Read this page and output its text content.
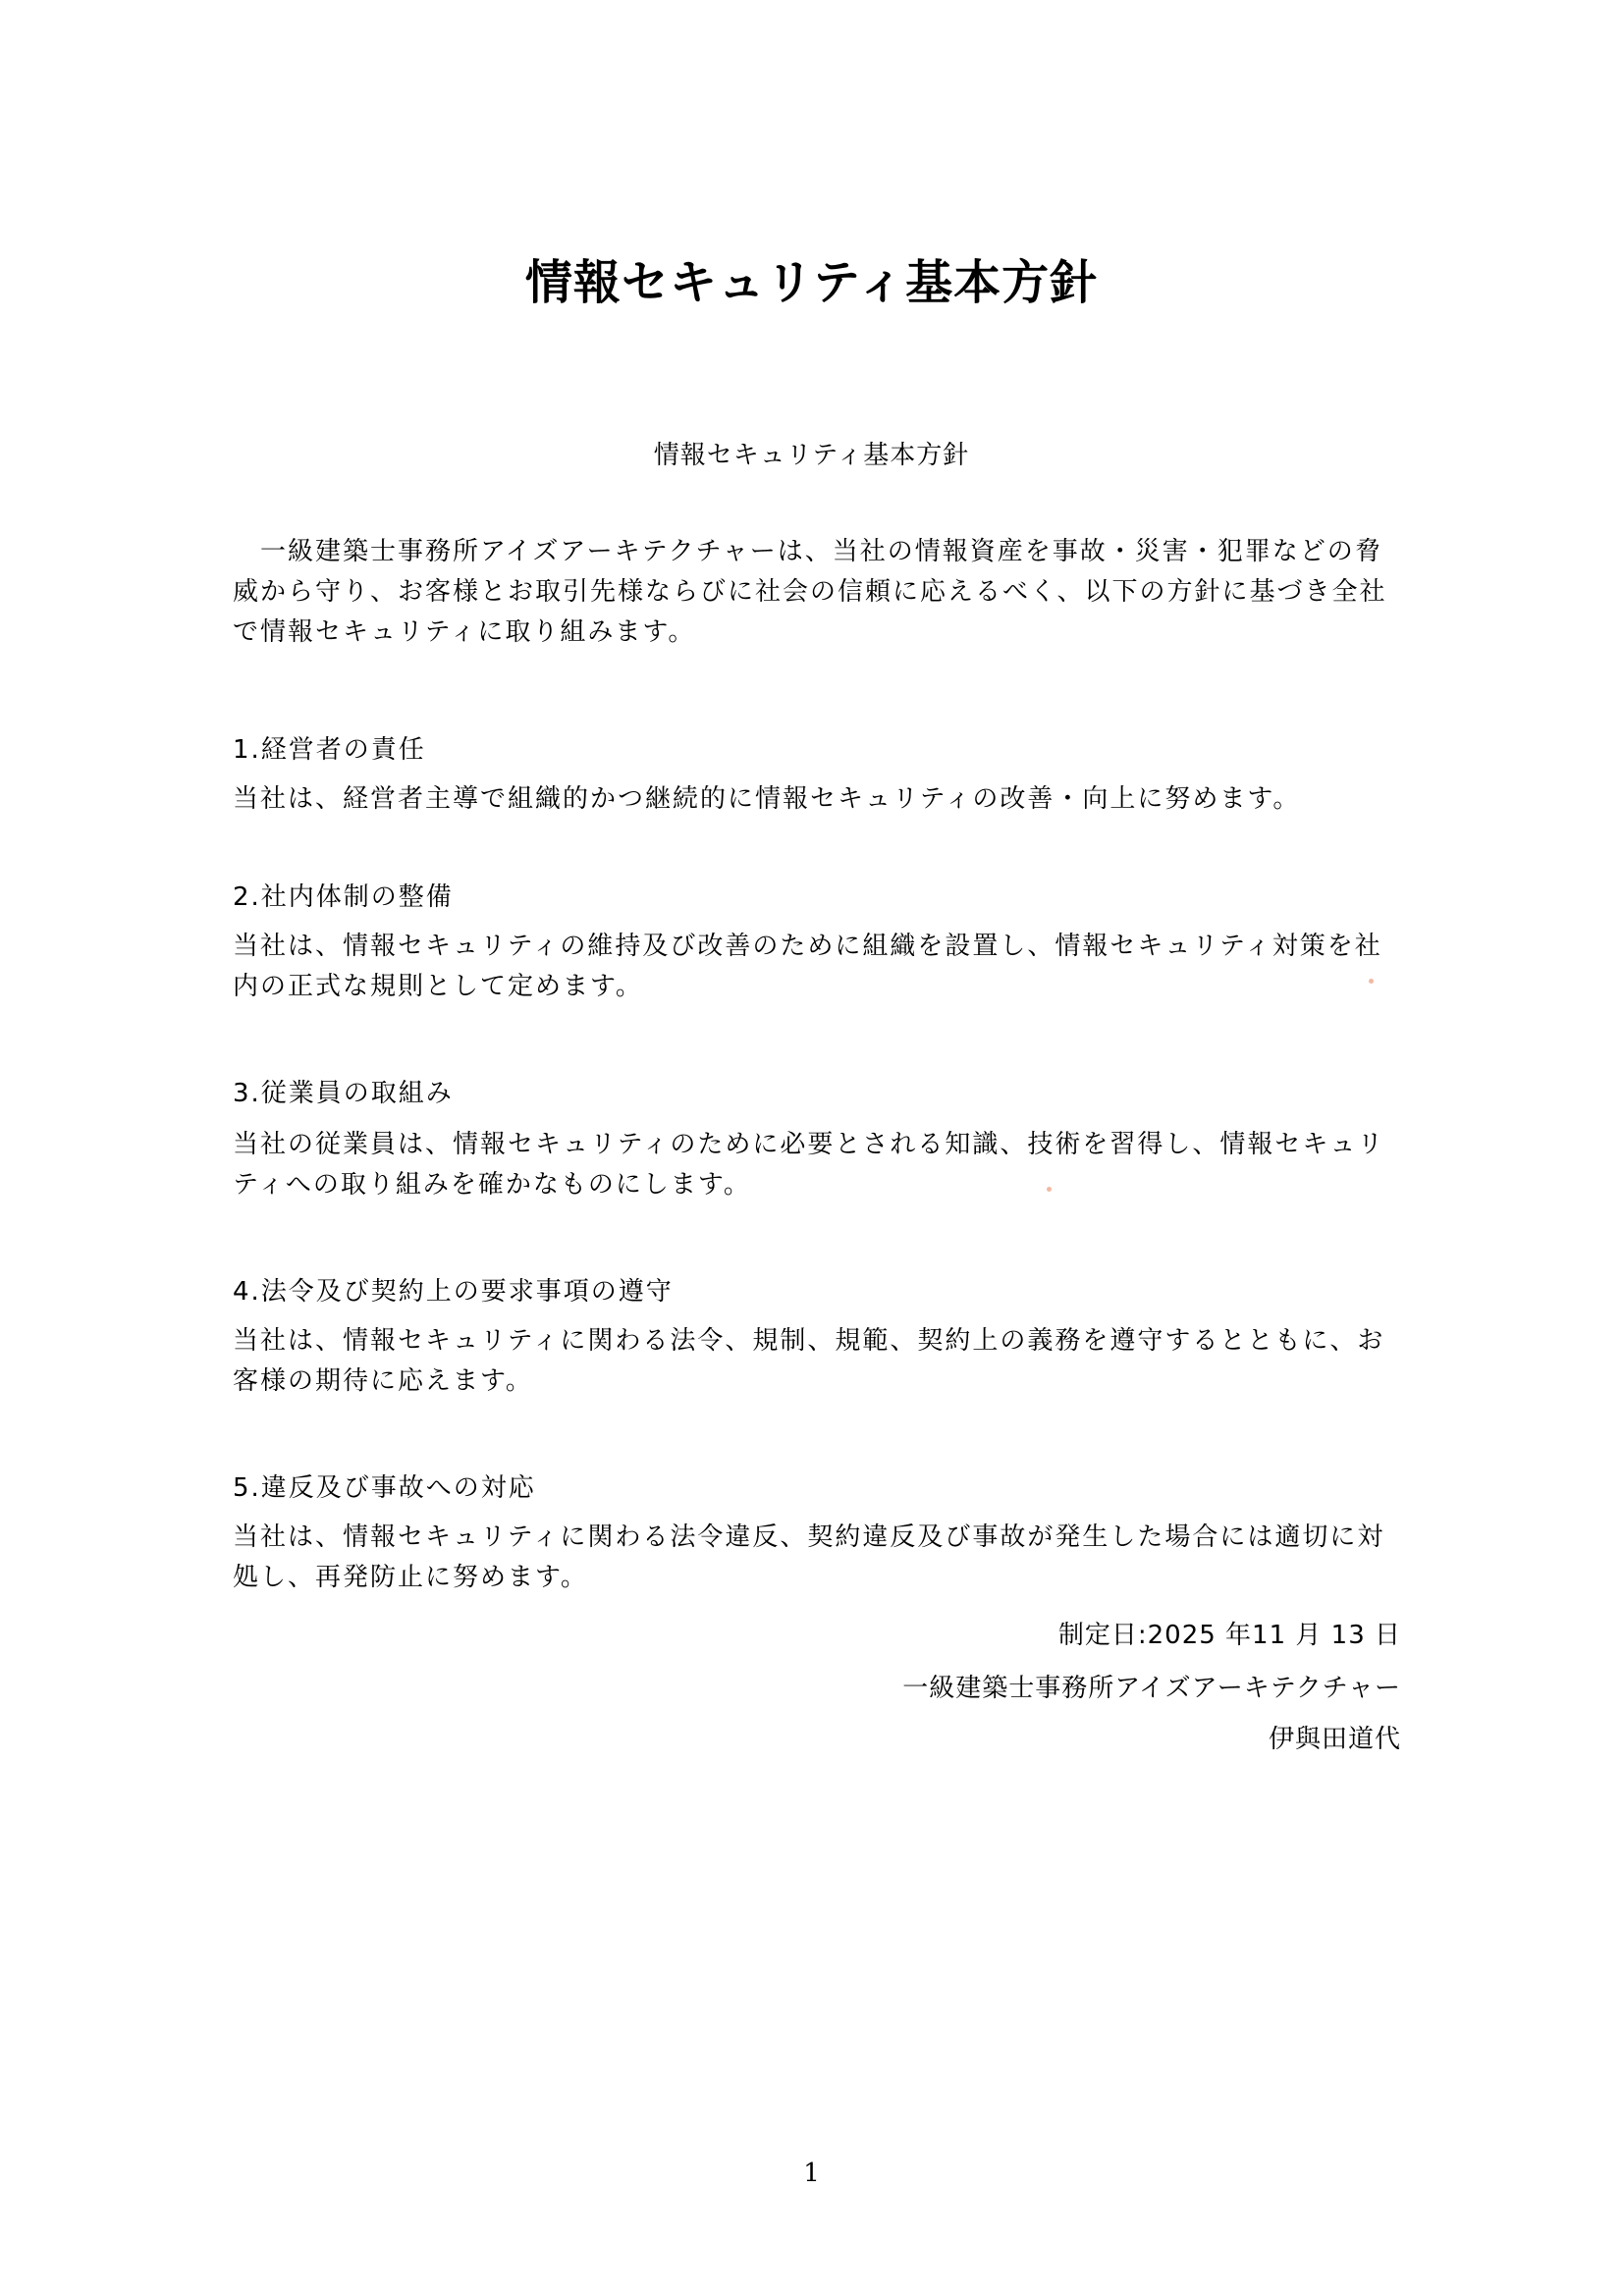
情報セキュリティ基本方針
情報セキュリティ基本方針
一級建築士事務所アイズアーキテクチャーは、当社の情報資産を事故・災害・犯罪などの脅威から守り、お客様とお取引先様ならびに社会の信頼に応えるべく、以下の方針に基づき全社で情報セキュリティに取り組みます。
1.経営者の責任
当社は、経営者主導で組織的かつ継続的に情報セキュリティの改善・向上に努めます。
2.社内体制の整備
当社は、情報セキュリティの維持及び改善のために組織を設置し、情報セキュリティ対策を社内の正式な規則として定めます。
3.従業員の取組み
当社の従業員は、情報セキュリティのために必要とされる知識、技術を習得し、情報セキュリティへの取り組みを確かなものにします。
4.法令及び契約上の要求事項の遵守
当社は、情報セキュリティに関わる法令、規制、規範、契約上の義務を遵守するとともに、お客様の期待に応えます。
5.違反及び事故への対応
当社は、情報セキュリティに関わる法令違反、契約違反及び事故が発生した場合には適切に対処し、再発防止に努めます。
制定日:2025 年11 月 13 日
一級建築士事務所アイズアーキテクチャー
伊與田道代
1
